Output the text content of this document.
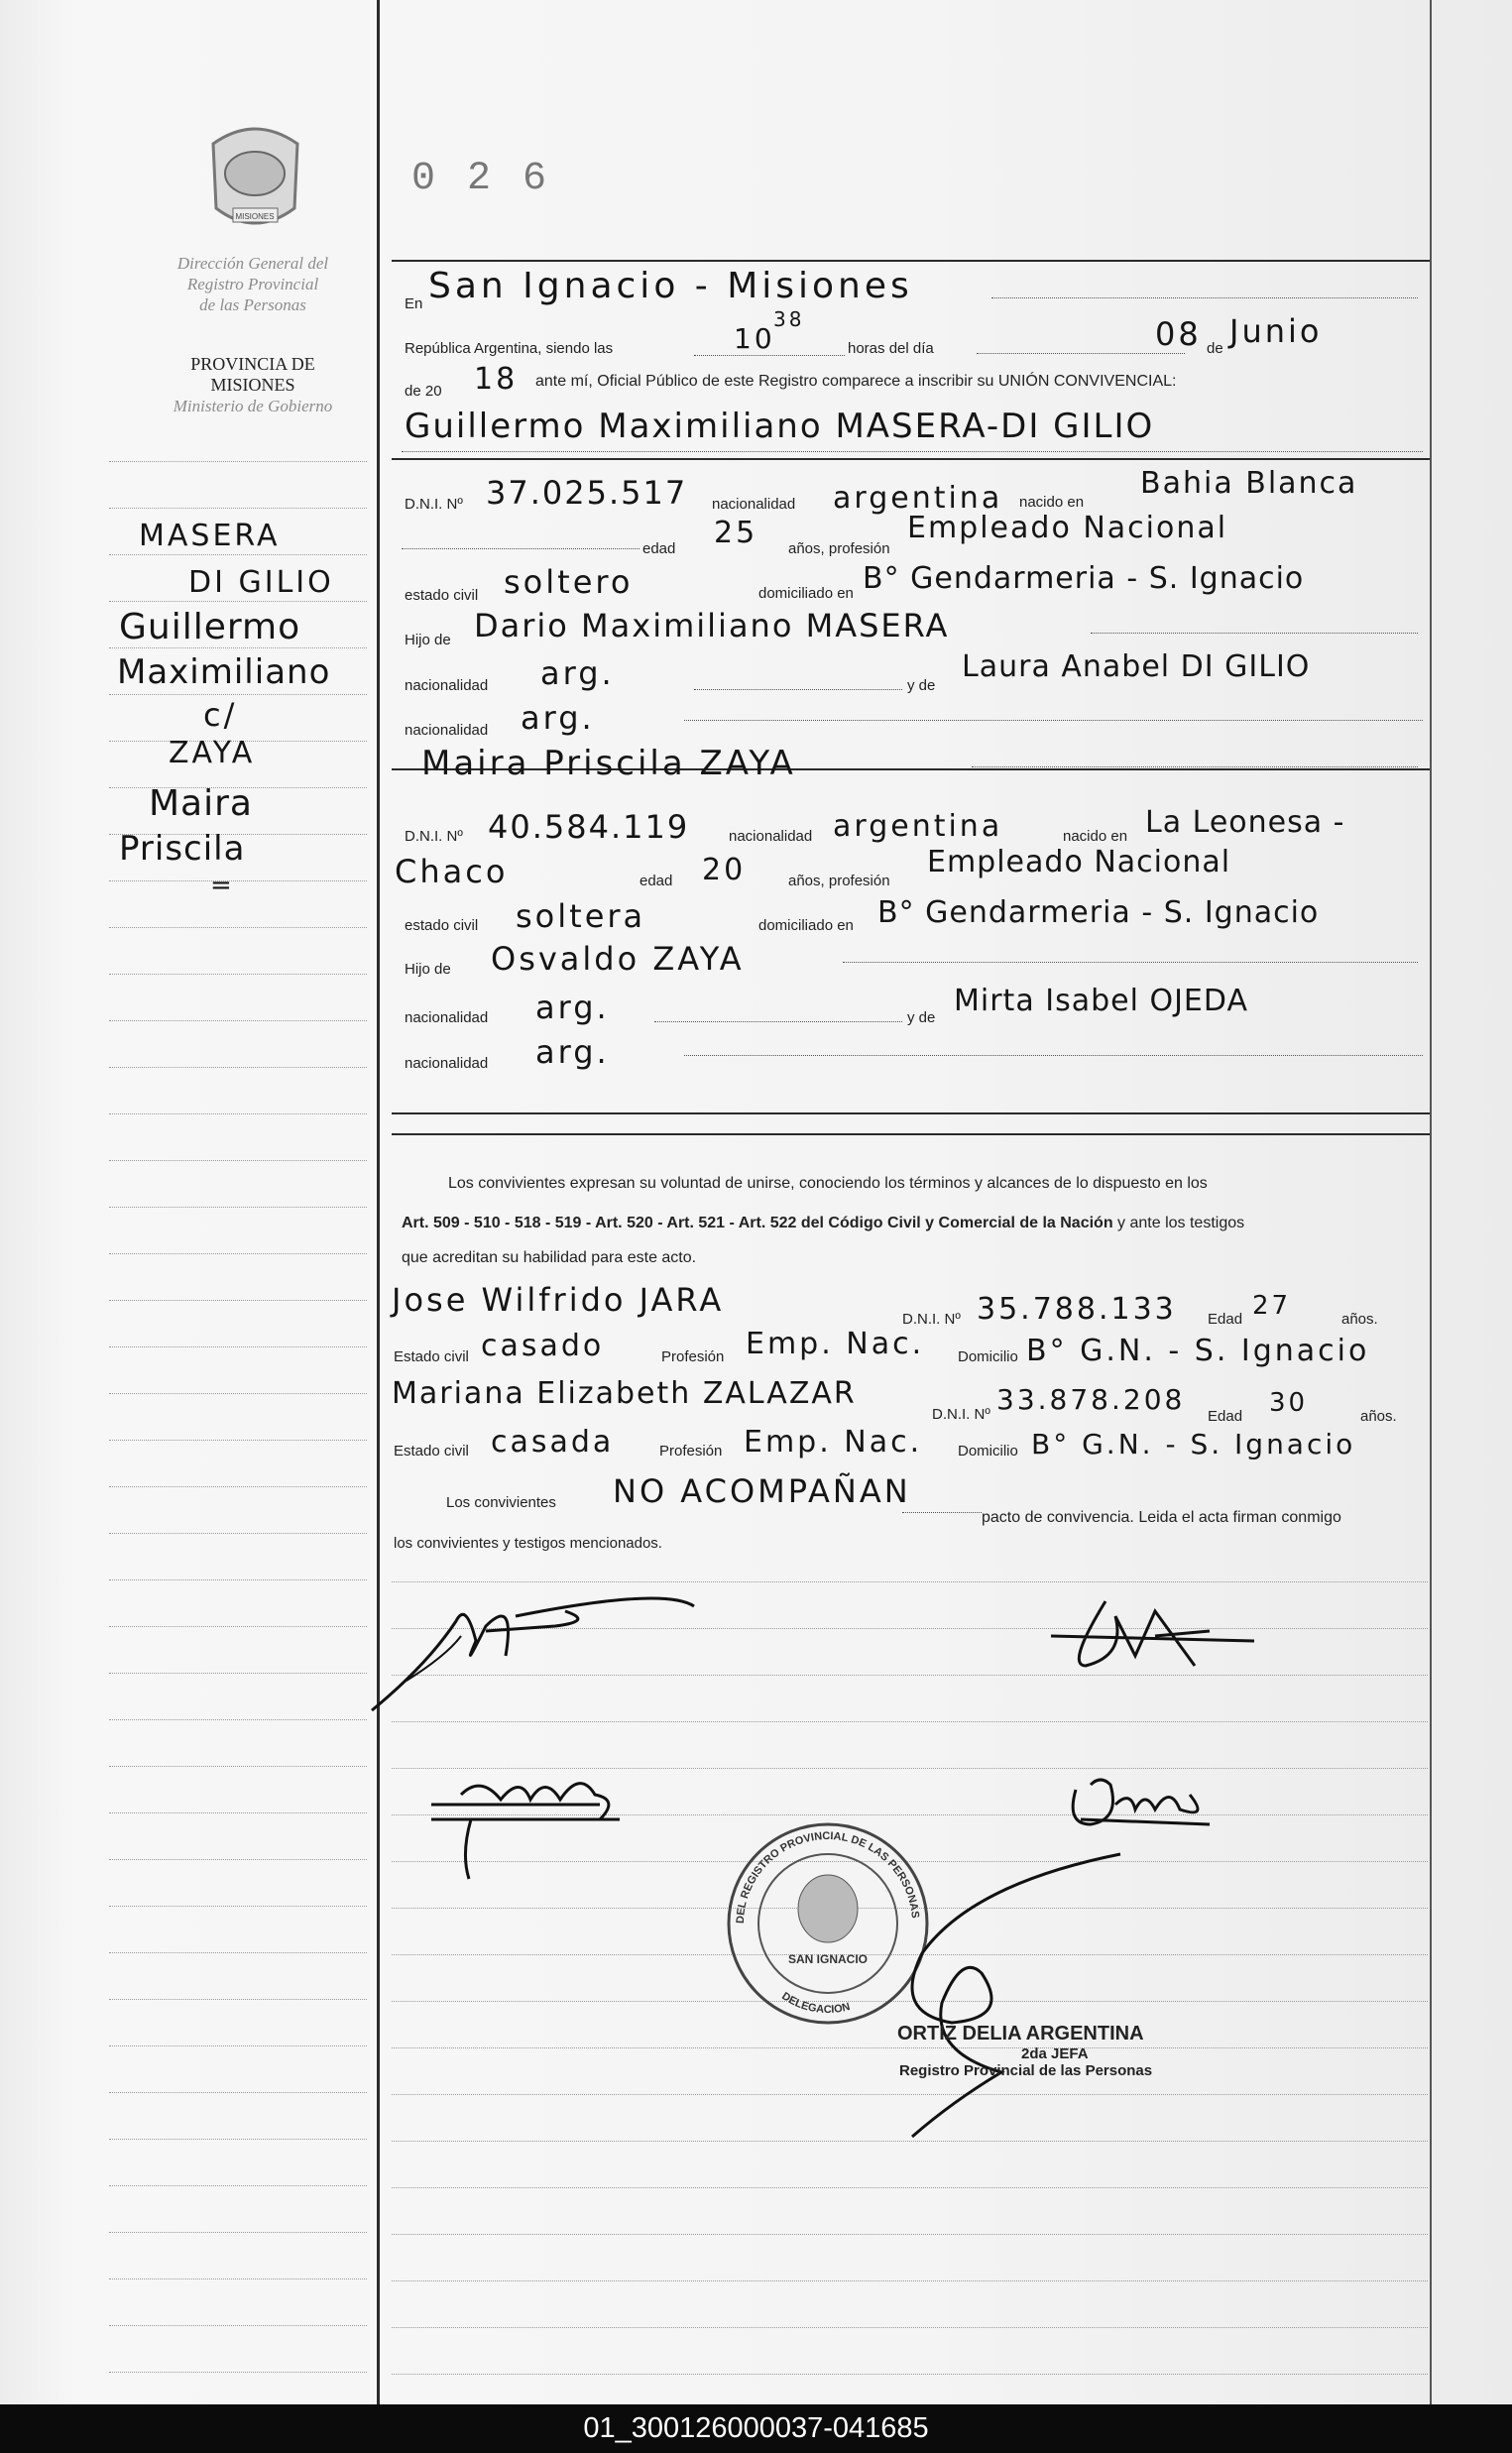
MISIONES
Dirección General del
Registro Provincial
de las Personas
PROVINCIA DE
MISIONES
Ministerio de Gobierno
0 2 6
MASERA
DI GILIO
Guillermo
Maximiliano
c/
ZAYA
Maira
Priscila
=
En San Ignacio - Misiones
República Argentina, siendo las	10
38
horas del día	08 de Junio
de 20 18 ante mí, Oficial Público de este Registro comparece a inscribir su UNIÓN CONVIVENCIAL:
Guillermo Maximiliano MASERA-DI GILIO
D.N.I. Nº 37.025.517 nacionalidad argentina nacido en
Bahia Blanca
edad 25 años, profesión
Empleado Nacional
estado civil soltero	domiciliado en B° Gendarmeria - S. Ignacio
Hijo de Dario Maximiliano MASERA
nacionalidad arg.	y de
Laura Anabel DI GILIO
nacionalidad arg.
Maira Priscila ZAYA
D.N.I. Nº 40.584.119	nacionalidad argentina	nacido en La Leonesa -
Chaco	edad 20	años, profesión
Empleado Nacional
estado civil soltera	domiciliado en B° Gendarmeria - S. Ignacio
Hijo de Osvaldo ZAYA
nacionalidad arg.	y de Mirta Isabel OJEDA
nacionalidad arg.
Los convivientes expresan su voluntad de unirse, conociendo los términos y alcances de lo dispuesto en los
Art. 509 - 510 - 518 - 519 - Art. 520 - Art. 521 - Art. 522 del Código Civil y Comercial de la Nación y ante los testigos
que acreditan su habilidad para este acto.
Jose Wilfrido JARA
D.N.I. Nº 35.788.133 Edad 27	años.
Estado civil casado	Profesión Emp. Nac. Domicilio B° G.N. - S. Ignacio
Mariana Elizabeth ZALAZAR
D.N.I. Nº 33.878.208
Edad 30	años.
Estado civil casada	Profesión Emp. Nac. Domicilio B° G.N. - S. Ignacio
Los convivientes NO ACOMPAÑAN
pacto de convivencia. Leida el acta firman conmigo
los convivientes y testigos mencionados.
DEL REGISTRO PROVINCIAL DE LAS PERSONAS
DELEGACION
SAN IGNACIO
ORTIZ DELIA ARGENTINA
2da JEFA
Registro Provincial de las Personas
01_300126000037-041685
